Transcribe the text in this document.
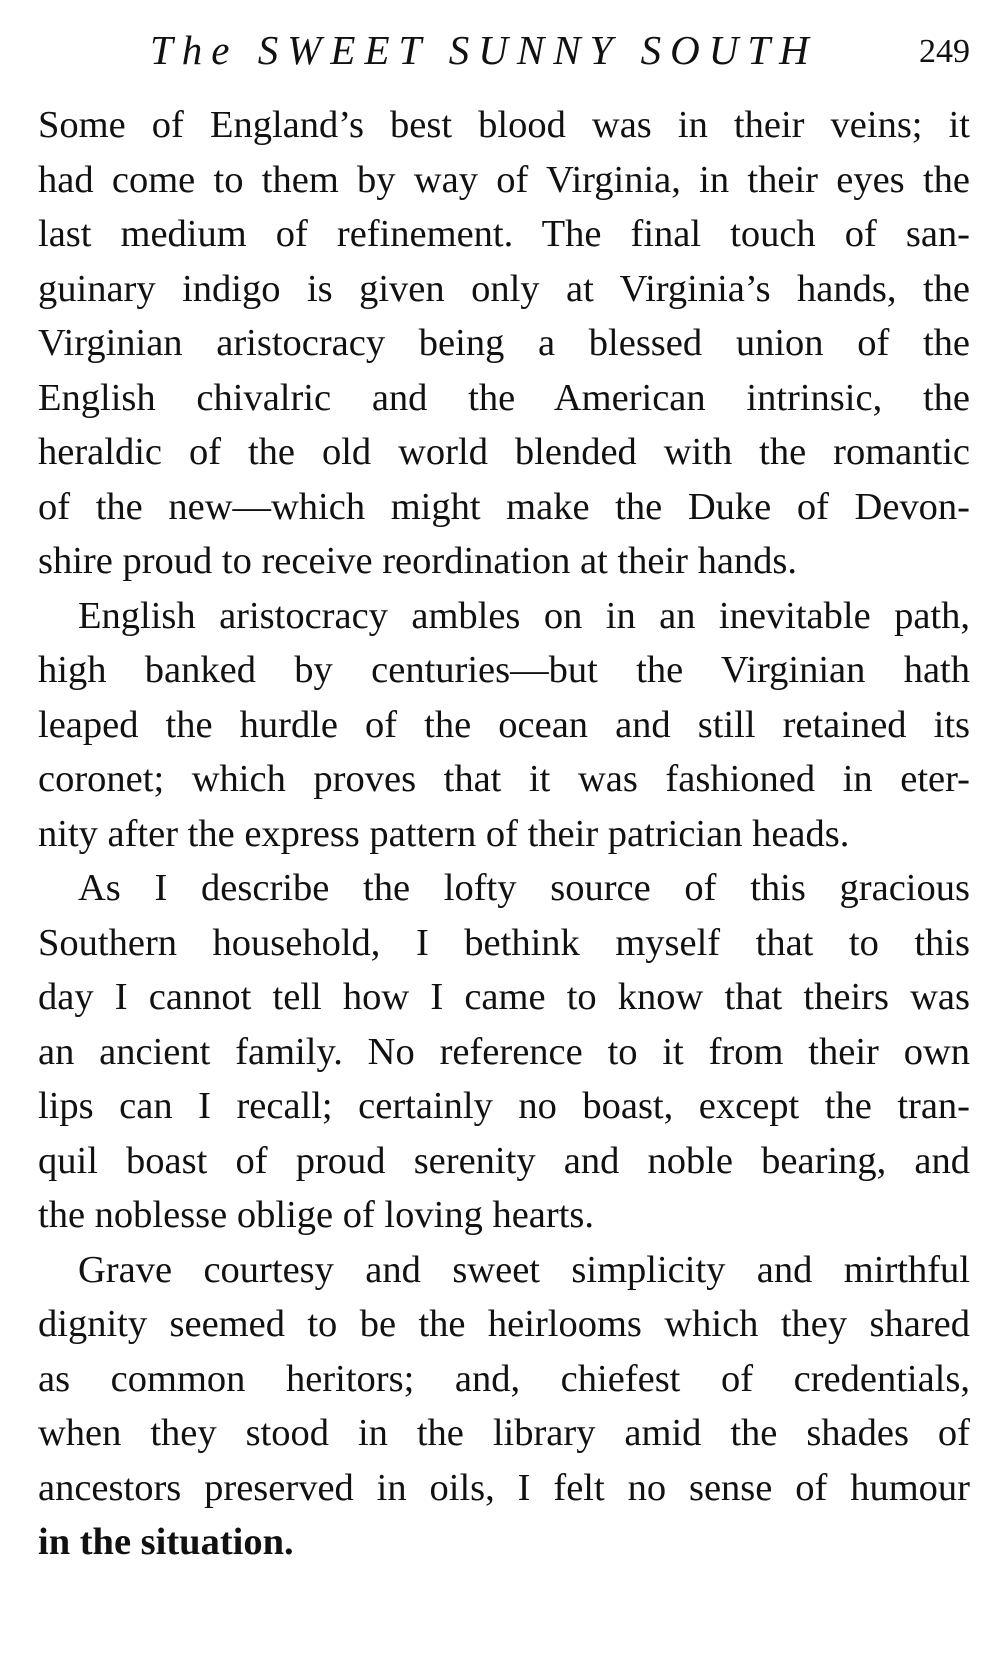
The SWEET SUNNY SOUTH	249
Some of England’s best blood was in their veins; it
had come to them by way of Virginia, in their eyes the
last medium of refinement. The final touch of san-
guinary indigo is given only at Virginia’s hands, the
Virginian aristocracy being a blessed union of the
English chivalric and the American intrinsic, the
heraldic of the old world blended with the romantic
of the new—which might make the Duke of Devon-
shire proud to receive reordination at their hands.
English aristocracy ambles on in an inevitable path,
high banked by centuries—but the Virginian hath
leaped the hurdle of the ocean and still retained its
coronet; which proves that it was fashioned in eter-
nity after the express pattern of their patrician heads.
As I describe the lofty source of this gracious
Southern household, I bethink myself that to this
day I cannot tell how I came to know that theirs was
an ancient family. No reference to it from their own
lips can I recall; certainly no boast, except the tran-
quil boast of proud serenity and noble bearing, and
the noblesse oblige of loving hearts.
Grave courtesy and sweet simplicity and mirthful
dignity seemed to be the heirlooms which they shared
as common heritors; and, chiefest of credentials,
when they stood in the library amid the shades of
ancestors preserved in oils, I felt no sense of humour
in the situation.
